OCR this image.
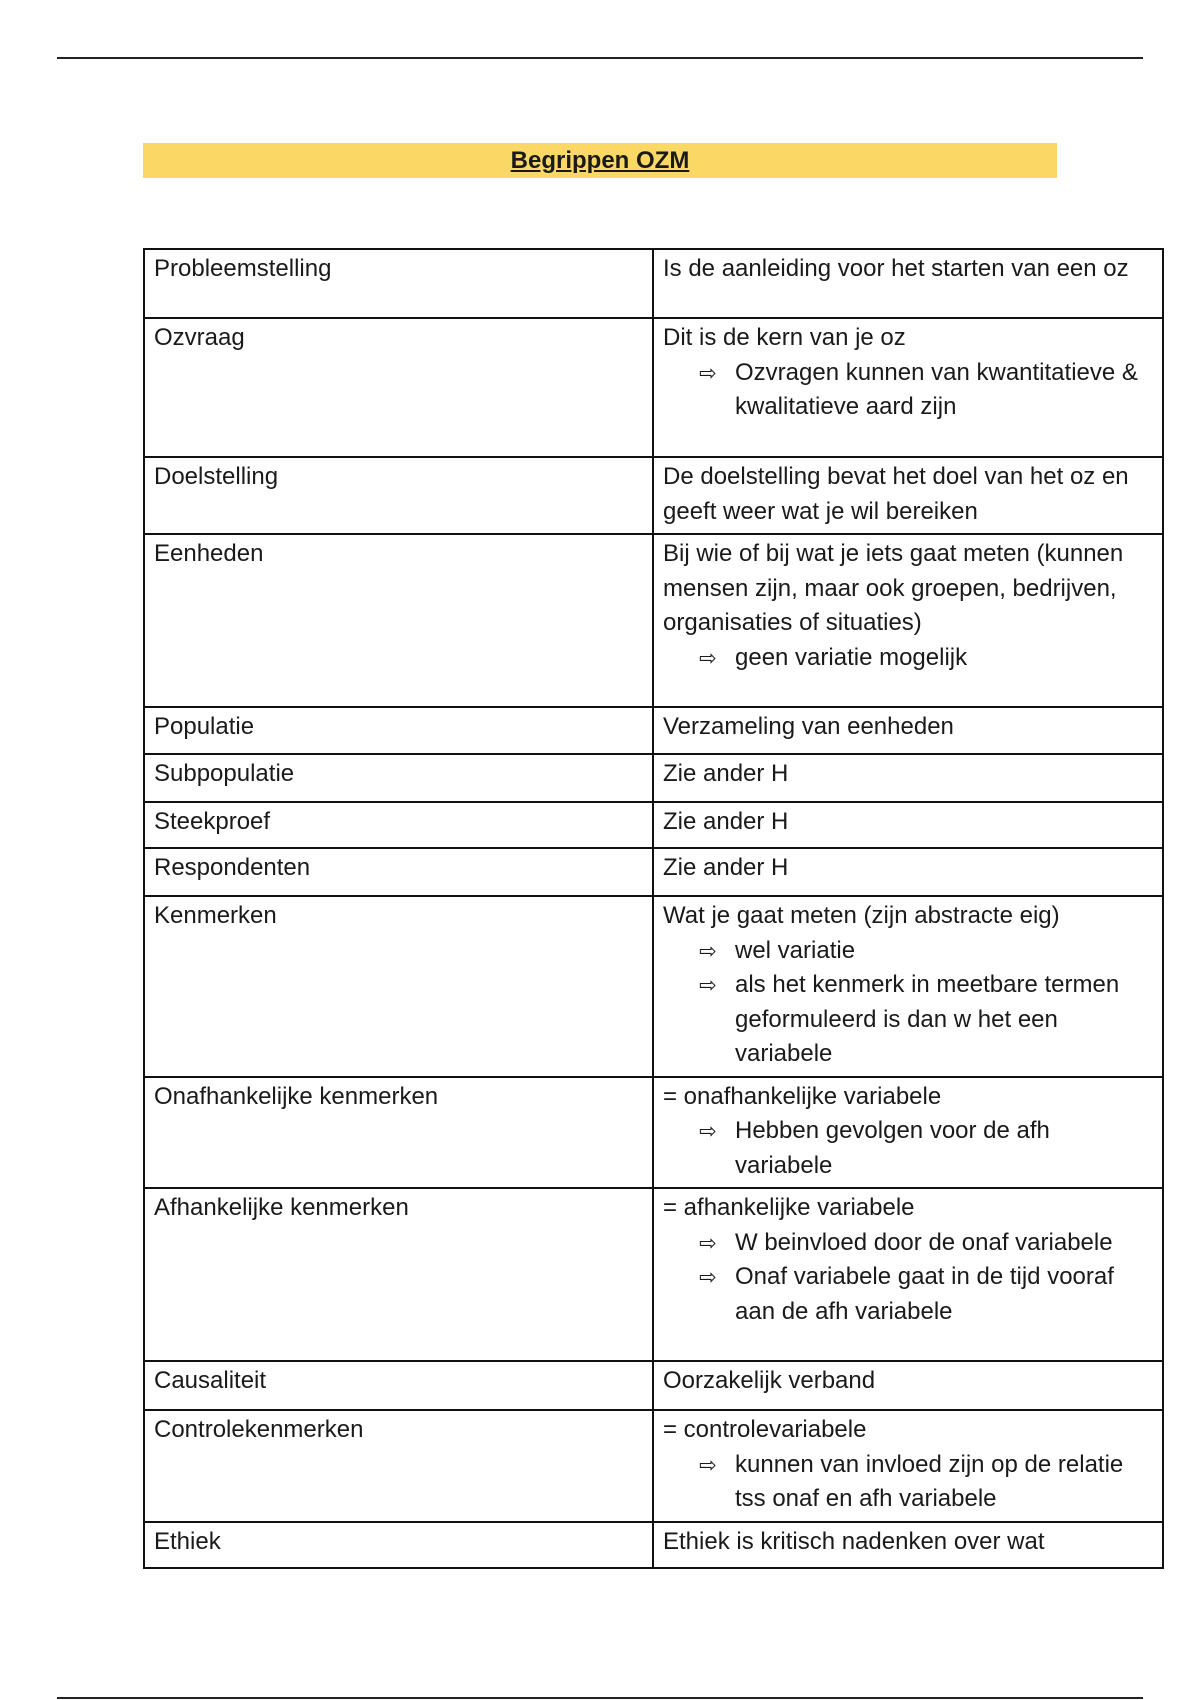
Begrippen OZM
Probleemstelling	Is de aanleiding voor het starten van een oz

Ozvraag	Dit is de kern van je oz
⇨ Ozvragen kunnen van kwantitatieve & kwalitatieve aard zijn

Doelstelling	De doelstelling bevat het doel van het oz en geeft weer wat je wil bereiken

Eenheden	Bij wie of bij wat je iets gaat meten (kunnen mensen zijn, maar ook groepen, bedrijven, organisaties of situaties)
⇨ geen variatie mogelijk

Populatie	Verzameling van eenheden

Subpopulatie	Zie ander H

Steekproef	Zie ander H

Respondenten	Zie ander H

Kenmerken	Wat je gaat meten (zijn abstracte eig)
⇨ wel variatie
⇨ als het kenmerk in meetbare termen geformuleerd is dan w het een variabele

Onafhankelijke kenmerken	= onafhankelijke variabele
⇨ Hebben gevolgen voor de afh variabele

Afhankelijke kenmerken	= afhankelijke variabele
⇨ W beinvloed door de onaf variabele
⇨ Onaf variabele gaat in de tijd vooraf aan de afh variabele

Causaliteit	Oorzakelijk verband

Controlekenmerken	= controlevariabele
⇨ kunnen van invloed zijn op de relatie tss onaf en afh variabele

Ethiek	Ethiek is kritisch nadenken over wat
